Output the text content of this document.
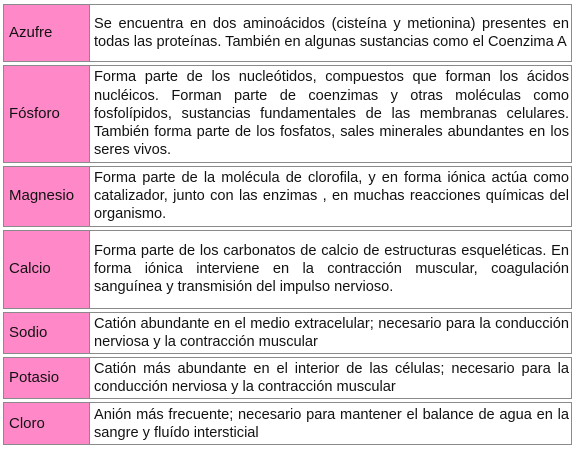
Azufre	Se encuentra en dos aminoácidos (cisteína y metionina) presentes en todas las proteínas. También en algunas sustancias como el Coenzima A

Fósforo	Forma parte de los nucleótidos, compuestos que forman los ácidos nucléicos. Forman parte de coenzimas y otras moléculas como fosfolípidos, sustancias fundamentales de las membranas celulares. También forma parte de los fosfatos, sales minerales abundantes en los seres vivos.

Magnesio	Forma parte de la molécula de clorofila, y en forma iónica actúa como catalizador, junto con las enzimas , en muchas reacciones químicas del organismo.

Calcio	Forma parte de los carbonatos de calcio de estructuras esqueléticas. En forma iónica interviene en la contracción muscular, coagulación sanguínea y transmisión del impulso nervioso.

Sodio	Catión abundante en el medio extracelular; necesario para la conducción nerviosa y la contracción muscular

Potasio	Catión más abundante en el interior de las células; necesario para la conducción nerviosa y la contracción muscular

Cloro	Anión más frecuente; necesario para mantener el balance de agua en la sangre y fluído intersticial
